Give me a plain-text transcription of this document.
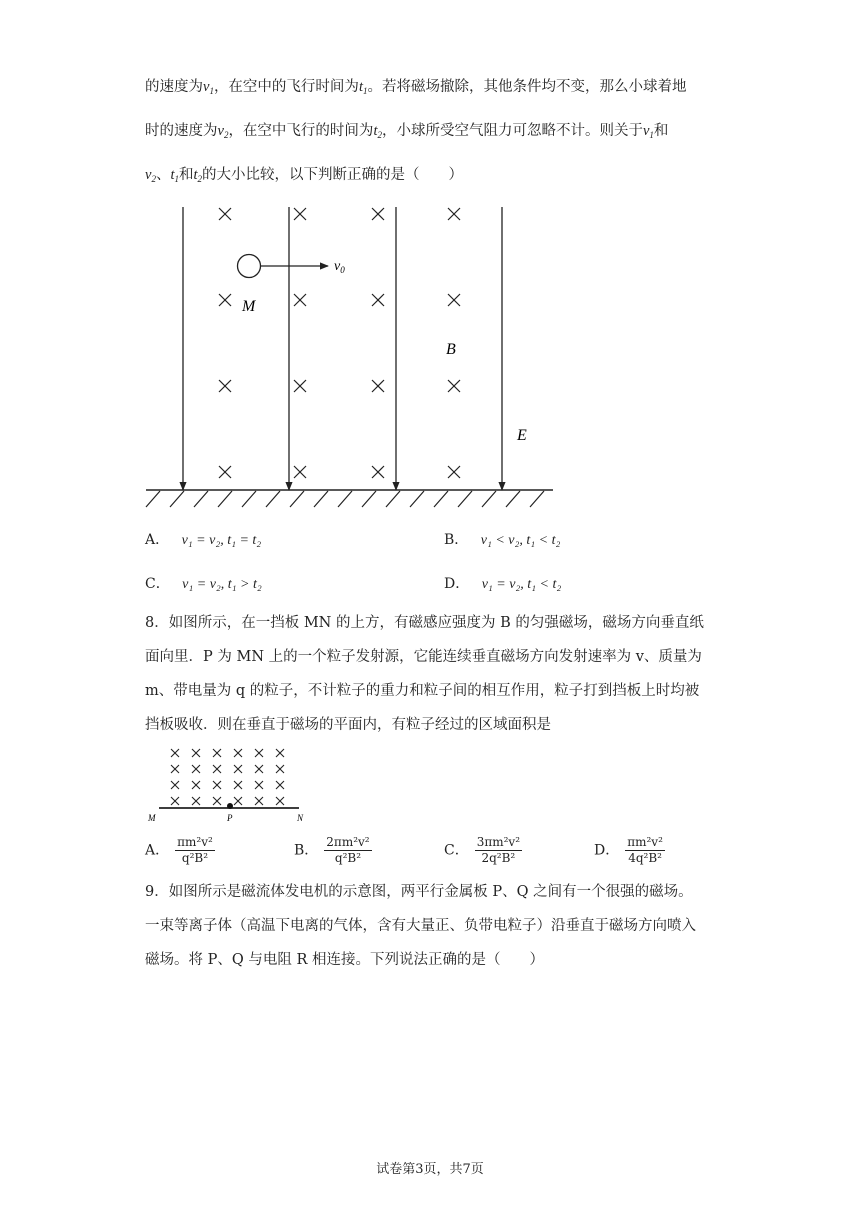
的速度为$v_1$，在空中的飞行时间为$t_1$。若将磁场撤除，其他条件均不变，那么小球着地
时的速度为$v_2$，在空中飞行的时间为$t_2$，小球所受空气阻力可忽略不计。则关于$v_1$和
$v_2$、$t_1$和$t_2$的大小比较，以下判断正确的是（　　）
$v_0$
M
B
E
A． v₁ = v₂, t₁ = t₂	B． v₁ < v₂, t₁ < t₂
C． v₁ = v₂, t₁ > t₂	D． v₁ = v₂, t₁ < t₂
8．如图所示，在一挡板 MN 的上方，有磁感应强度为 B 的匀强磁场，磁场方向垂直纸
面向里．P 为 MN 上的一个粒子发射源，它能连续垂直磁场方向发射速率为 v、质量为
m、带电量为 q 的粒子，不计粒子的重力和粒子间的相互作用，粒子打到挡板上时均被
挡板吸收．则在垂直于磁场的平面内，有粒子经过的区域面积是
M	P	N
A． $\frac{\text{πm²v²}}{\text{q²B²}}$	B． $\frac{\text{2πm²v²}}{\text{q²B²}}$	C． $\frac{\text{3πm²v²}}{\text{2q²B²}}$	D． $\frac{\text{πm²v²}}{\text{4q²B²}}$
9．如图所示是磁流体发电机的示意图，两平行金属板 P、Q 之间有一个很强的磁场。
一束等离子体（高温下电离的气体，含有大量正、负带电粒子）沿垂直于磁场方向喷入
磁场。将 P、Q 与电阻 R 相连接。下列说法正确的是（　　）
试卷第3页，共7页
